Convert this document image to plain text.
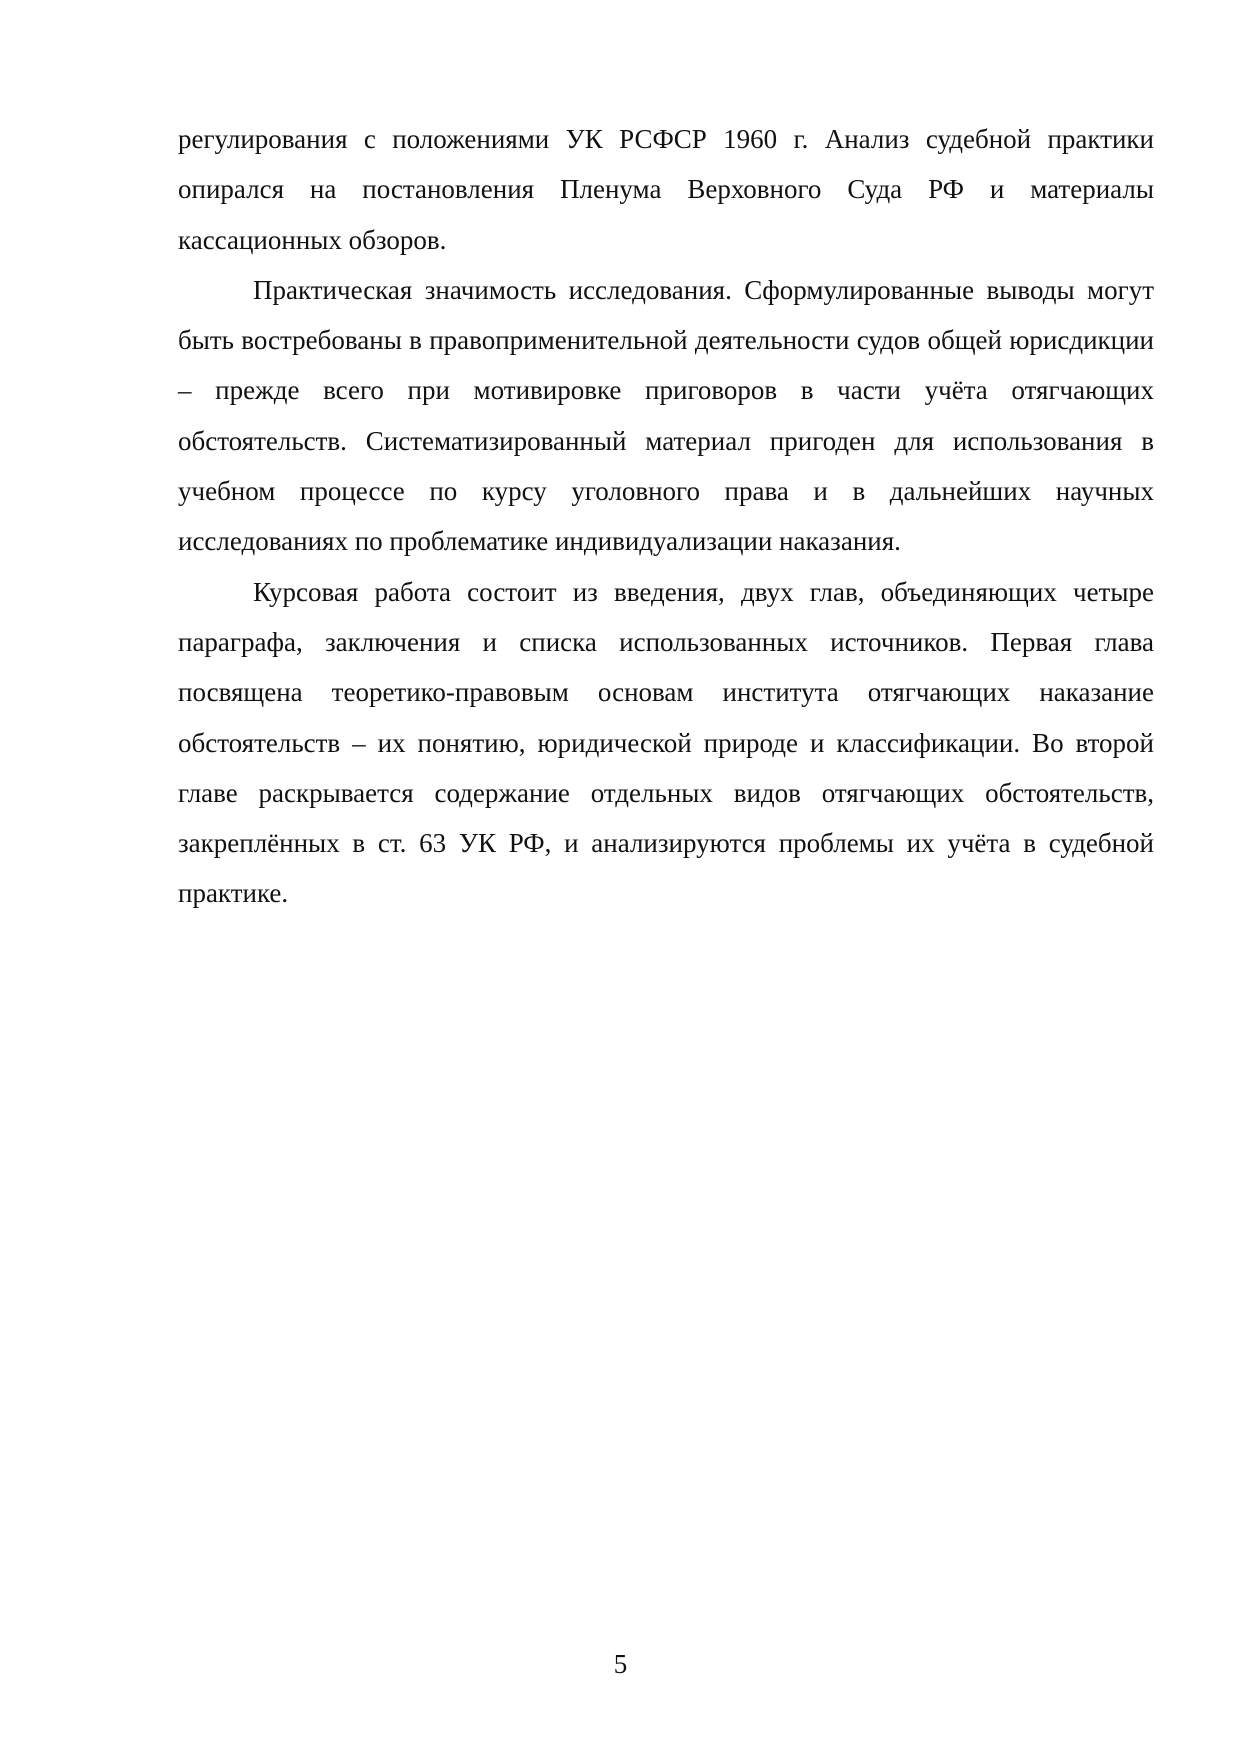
регулирования с положениями УК РСФСР 1960 г. Анализ судебной практики опирался на постановления Пленума Верховного Суда РФ и материалы кассационных обзоров.

Практическая значимость исследования. Сформулированные выводы могут быть востребованы в правоприменительной деятельности судов общей юрисдикции – прежде всего при мотивировке приговоров в части учёта отягчающих обстоятельств. Систематизированный материал пригоден для использования в учебном процессе по курсу уголовного права и в дальнейших научных исследованиях по проблематике индивидуализации наказания.

Курсовая работа состоит из введения, двух глав, объединяющих четыре параграфа, заключения и списка использованных источников. Первая глава посвящена теоретико-правовым основам института отягчающих наказание обстоятельств – их понятию, юридической природе и классификации. Во второй главе раскрывается содержание отдельных видов отягчающих обстоятельств, закреплённых в ст. 63 УК РФ, и анализируются проблемы их учёта в судебной практике.

5
